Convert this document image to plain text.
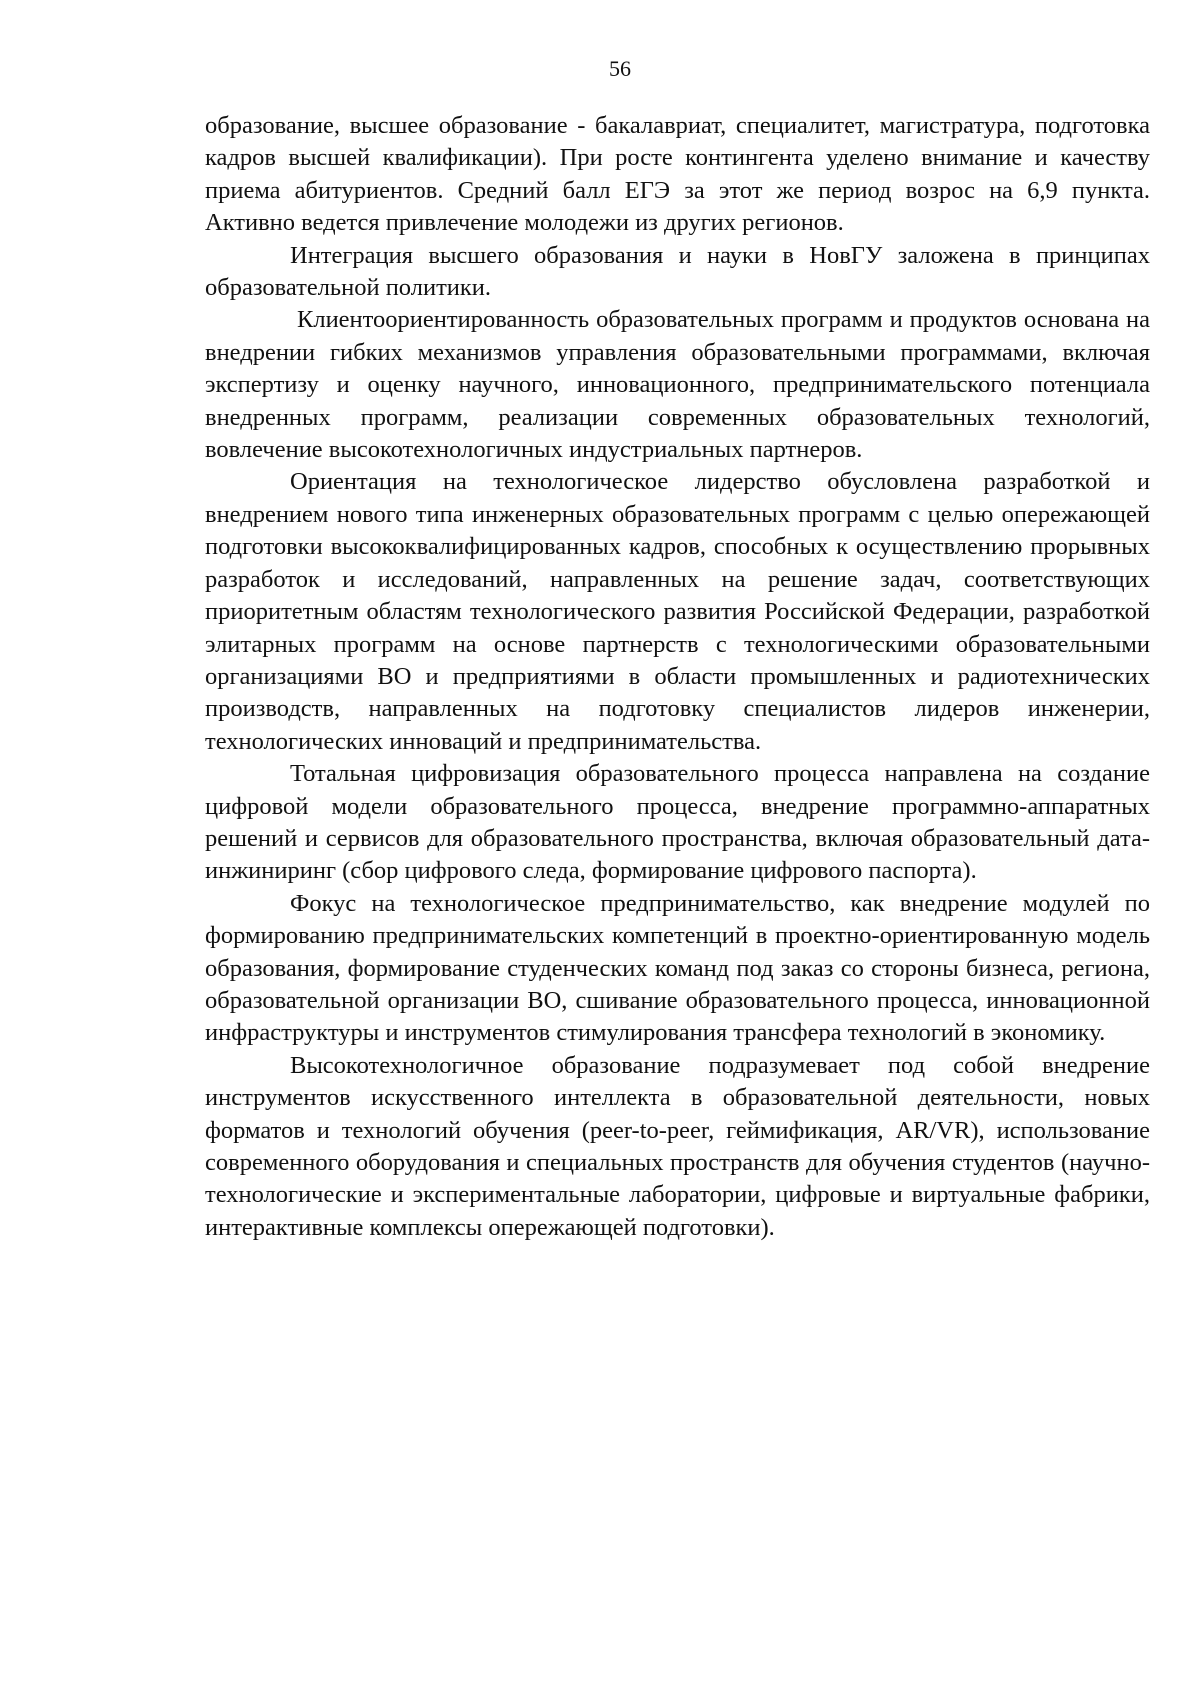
56

образование, высшее образование - бакалавриат, специалитет, магистратура, подготовка кадров высшей квалификации). При росте контингента уделено внимание и качеству приема абитуриентов. Средний балл ЕГЭ за этот же период возрос на 6,9 пункта. Активно ведется привлечение молодежи из других регионов.

Интеграция высшего образования и науки в НовГУ заложена в принципах образовательной политики.

Клиентоориентированность образовательных программ и продуктов основана на внедрении гибких механизмов управления образовательными программами, включая экспертизу и оценку научного, инновационного, предпринимательского потенциала внедренных программ, реализации современных образовательных технологий, вовлечение высокотехнологичных индустриальных партнеров.

Ориентация на технологическое лидерство обусловлена разработкой и внедрением нового типа инженерных образовательных программ с целью опережающей подготовки высококвалифицированных кадров, способных к осуществлению прорывных разработок и исследований, направленных на решение задач, соответствующих приоритетным областям технологического развития Российской Федерации, разработкой элитарных программ на основе партнерств с технологическими образовательными организациями ВО и предприятиями в области промышленных и радиотехнических производств, направленных на подготовку специалистов лидеров инженерии, технологических инноваций и предпринимательства.

Тотальная цифровизация образовательного процесса направлена на создание цифровой модели образовательного процесса, внедрение программно-аппаратных решений и сервисов для образовательного пространства, включая образовательный дата-инжиниринг (сбор цифрового следа, формирование цифрового паспорта).

Фокус на технологическое предпринимательство, как внедрение модулей по формированию предпринимательских компетенций в проектно-ориентированную модель образования, формирование студенческих команд под заказ со стороны бизнеса, региона, образовательной организации ВО, сшивание образовательного процесса, инновационной инфраструктуры и инструментов стимулирования трансфера технологий в экономику.

Высокотехнологичное образование подразумевает под собой внедрение инструментов искусственного интеллекта в образовательной деятельности, новых форматов и технологий обучения (peer-to-peer, геймификация, AR/VR), использование современного оборудования и специальных пространств для обучения студентов (научно-технологические и экспериментальные лаборатории, цифровые и виртуальные фабрики, интерактивные комплексы опережающей подготовки).
